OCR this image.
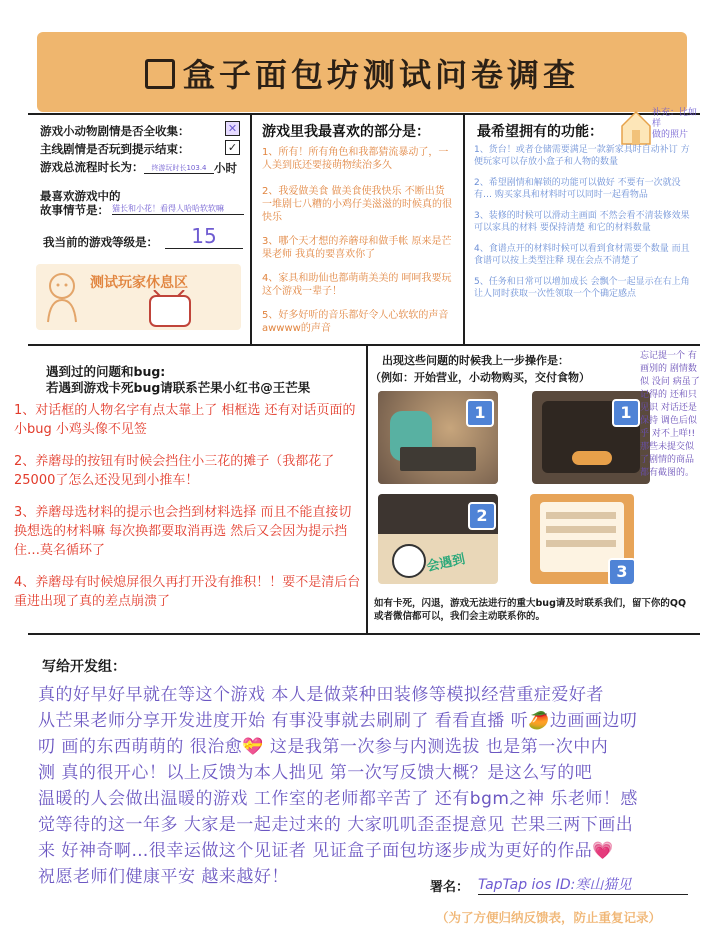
盒子面包坊测试问卷调查
游戏小动物剧情是否全收集：	✕
主线剧情是否玩到提示结束：	✓
游戏总流程时长为：	终游玩时长103.4 小时
最喜欢游戏中的
故事情节是： 猫长和小花！看得人哈哈软软嘛
我当前的游戏等级是：	15
测试玩家休息区
游戏里我最喜欢的部分是：
1、所有！所有角色和我都猜流暴动了，一人美到底还要接萌物续治多久
2、我爱做美食 做美食使我快乐 不断出货 一堆剧七八糟的小鸡仔美滋滋的时候真的很快乐
3、哪个天才想的养蘑母和做手帐 原来是芒果老师 我真的要喜欢你了
4、家具和助仙也都萌萌美美的 呵呵我要玩这个游戏一辈子！
5、好多好听的音乐都好令人心软软的声音 awwww的声音
最希望拥有的功能：
补充：比如样
做的照片
1、货台！或者仓储需要满足一款新家具时自动补订 方便玩家可以存放小盒子和人物的数量
2、希望剧情和解锁的功能可以做好 不要有一次就没有… 购买家具和材料时可以同时一起看物品
3、装修的时候可以滑动主画面 不然会看不清装修效果 可以家具的材料 要保持清楚 和它的材料数量
4、食谱点开的材料时候可以看到食材需要个数量 而且食谱可以按上类型注释 现在会点不清楚了
5、任务和日常可以增加成长 会飘个一起显示在右上角 让人同时获取一次性领取一个个确定感点
遇到过的问题和bug:
若遇到游戏卡死bug请联系芒果小红书@王芒果
1、对话框的人物名字有点太靠上了 相框选 还有对话页面的小bug 小鸡头像不见签
2、养蘑母的按钮有时候会挡住小三花的摊子（我都花了25000了怎么还没见到小推车！
3、养蘑母选材料的提示也会挡到材料选择 而且不能直接切换想选的材料嘛 每次换都要取消再选 然后又会因为提示挡住…莫名循环了
4、养蘑母有时候熄屏很久再打开没有推积！！要不是清后台重进出现了真的差点崩溃了
出现这些问题的时候我上一步操作是：
（例如：开始营业，小动物购买，交付食物）
1	1
会遇到
2
3
忘记提一个 有画别的 剧情数似 没问 病虽了记得的 还和只见识 对话还是保持 调色后似乎 对不上咩!! 那些未提交似 了剧情的商品 都有截图的。
如有卡死，闪退，游戏无法进行的重大bug请及时联系我们，留下你的QQ或者微信都可以，我们会主动联系你的。
写给开发组：
真的好早好早就在等这个游戏 本人是做菜种田装修等模拟经营重症爱好者
从芒果老师分享开发进度开始 有事没事就去刷刷了 看看直播 听🥭边画画边叨
叨 画的东西萌萌的 很治愈💝 这是我第一次参与内测选拔 也是第一次中内
测 真的很开心！以上反馈为本人拙见 第一次写反馈大概？是这么写的吧
温暖的人会做出温暖的游戏 工作室的老师都辛苦了 还有bgm之神 乐老师！感
觉等待的这一年多 大家是一起走过来的 大家叽叽歪歪提意见 芒果三两下画出
来 好神奇啊…很幸运做这个见证者 见证盒子面包坊逐步成为更好的作品💗
祝愿老师们健康平安 越来越好！
署名： TapTap ios ID:寒山猫见
（为了方便归纳反馈表，防止重复记录）
